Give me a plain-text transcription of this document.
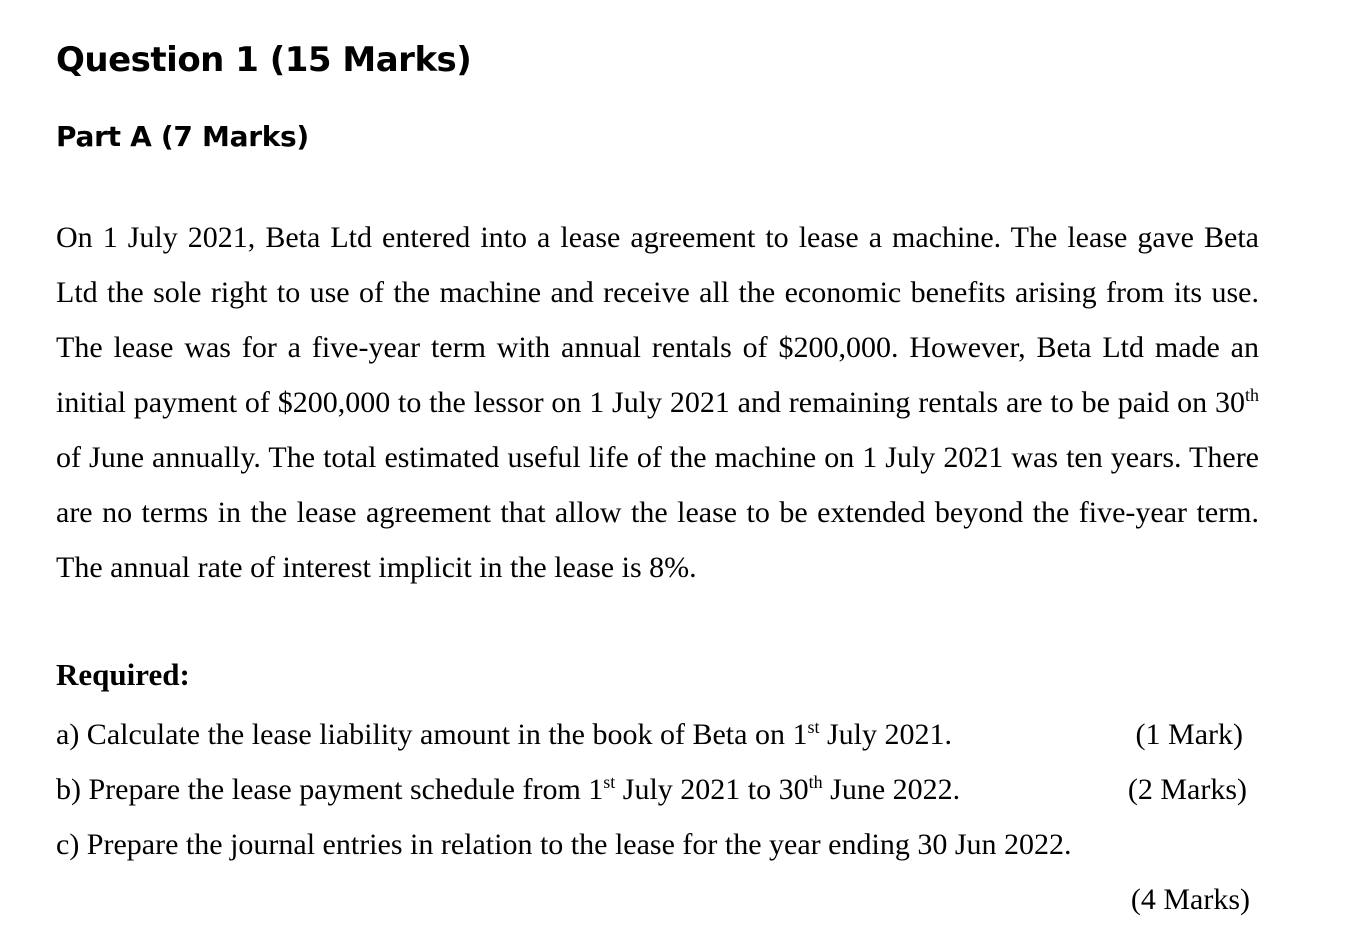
Question 1 (15 Marks)
Part A (7 Marks)

On 1 July 2021, Beta Ltd entered into a lease agreement to lease a machine. The lease gave Beta Ltd the sole right to use of the machine and receive all the economic benefits arising from its use. The lease was for a five-year term with annual rentals of $200,000. However, Beta Ltd made an initial payment of $200,000 to the lessor on 1 July 2021 and remaining rentals are to be paid on 30th of June annually. The total estimated useful life of the machine on 1 July 2021 was ten years. There are no terms in the lease agreement that allow the lease to be extended beyond the five-year term. The annual rate of interest implicit in the lease is 8%.

Required:
a) Calculate the lease liability amount in the book of Beta on 1st July 2021.	(1 Mark)
b) Prepare the lease payment schedule from 1st July 2021 to 30th June 2022.	(2 Marks)
c) Prepare the journal entries in relation to the lease for the year ending 30 Jun 2022.
(4 Marks)
